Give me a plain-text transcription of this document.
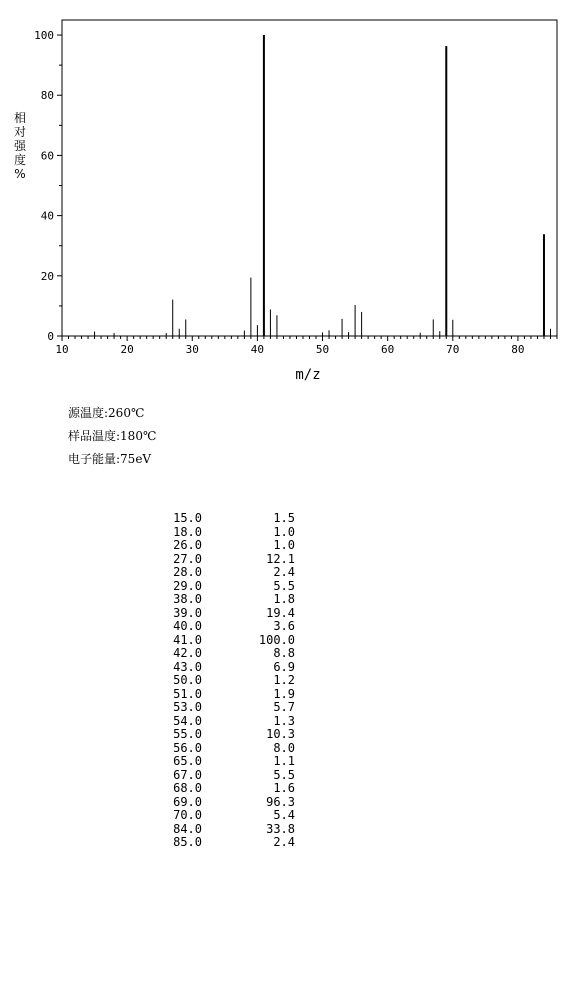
10	20	30	40	50	60	70	80
0
20
40
60
80
100
m/z
相
对
强
度
%
源温度:260℃
样品温度:180℃
电子能量:75eV
15.0	1.5
18.0	1.0
26.0	1.0
27.0	12.1
28.0	2.4
29.0	5.5
38.0	1.8
39.0	19.4
40.0	3.6
41.0	100.0
42.0	8.8
43.0	6.9
50.0	1.2
51.0	1.9
53.0	5.7
54.0	1.3
55.0	10.3
56.0	8.0
65.0	1.1
67.0	5.5
68.0	1.6
69.0	96.3
70.0	5.4
84.0	33.8
85.0	2.4
